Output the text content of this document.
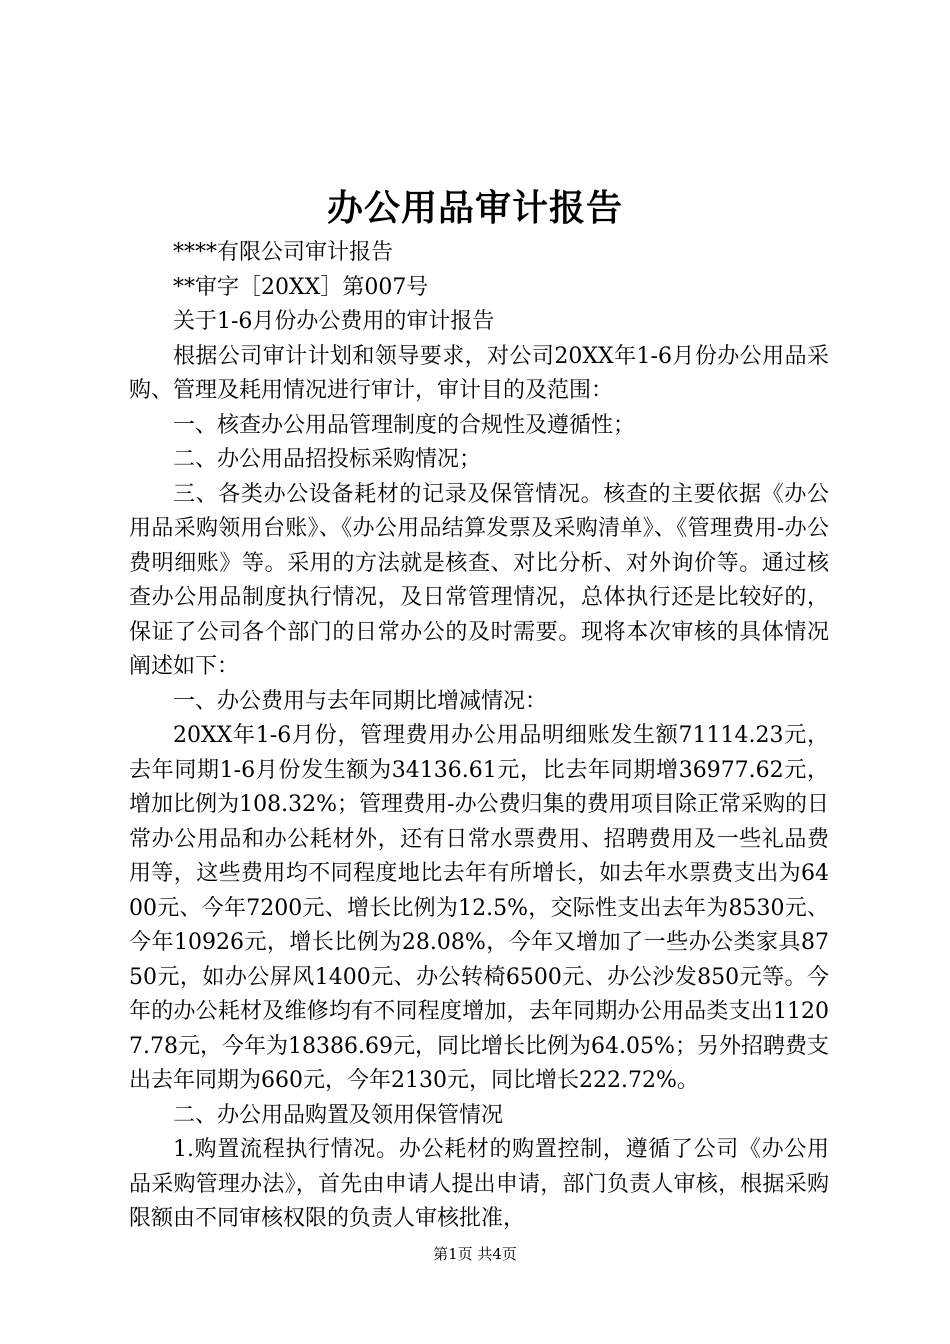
办公用品审计报告

****有限公司审计报告

**审字［20XX］第007号

关于1-6月份办公费用的审计报告

根据公司审计计划和领导要求，对公司20XX年1-6月份办公用品采购、管理及耗用情况进行审计，审计目的及范围：

一、核查办公用品管理制度的合规性及遵循性；

二、办公用品招投标采购情况；

三、各类办公设备耗材的记录及保管情况。核查的主要依据《办公用品采购领用台账》、《办公用品结算发票及采购清单》、《管理费用-办公费明细账》等。采用的方法就是核查、对比分析、对外询价等。通过核查办公用品制度执行情况，及日常管理情况，总体执行还是比较好的，保证了公司各个部门的日常办公的及时需要。现将本次审核的具体情况阐述如下：

一、办公费用与去年同期比增减情况：

20XX年1-6月份，管理费用办公用品明细账发生额71114.23元，去年同期1-6月份发生额为34136.61元，比去年同期增36977.62元，增加比例为108.32%；管理费用-办公费归集的费用项目除正常采购的日常办公用品和办公耗材外，还有日常水票费用、招聘费用及一些礼品费用等，这些费用均不同程度地比去年有所增长，如去年水票费支出为6400元、今年7200元、增长比例为12.5%，交际性支出去年为8530元、今年10926元，增长比例为28.08%，今年又增加了一些办公类家具8750元，如办公屏风1400元、办公转椅6500元、办公沙发850元等。今年的办公耗材及维修均有不同程度增加，去年同期办公用品类支出11207.78元，今年为18386.69元，同比增长比例为64.05%；另外招聘费支出去年同期为660元，今年2130元，同比增长222.72%。

二、办公用品购置及领用保管情况

1.购置流程执行情况。办公耗材的购置控制，遵循了公司《办公用品采购管理办法》，首先由申请人提出申请，部门负责人审核，根据采购限额由不同审核权限的负责人审核批准，

第1页 共4页
